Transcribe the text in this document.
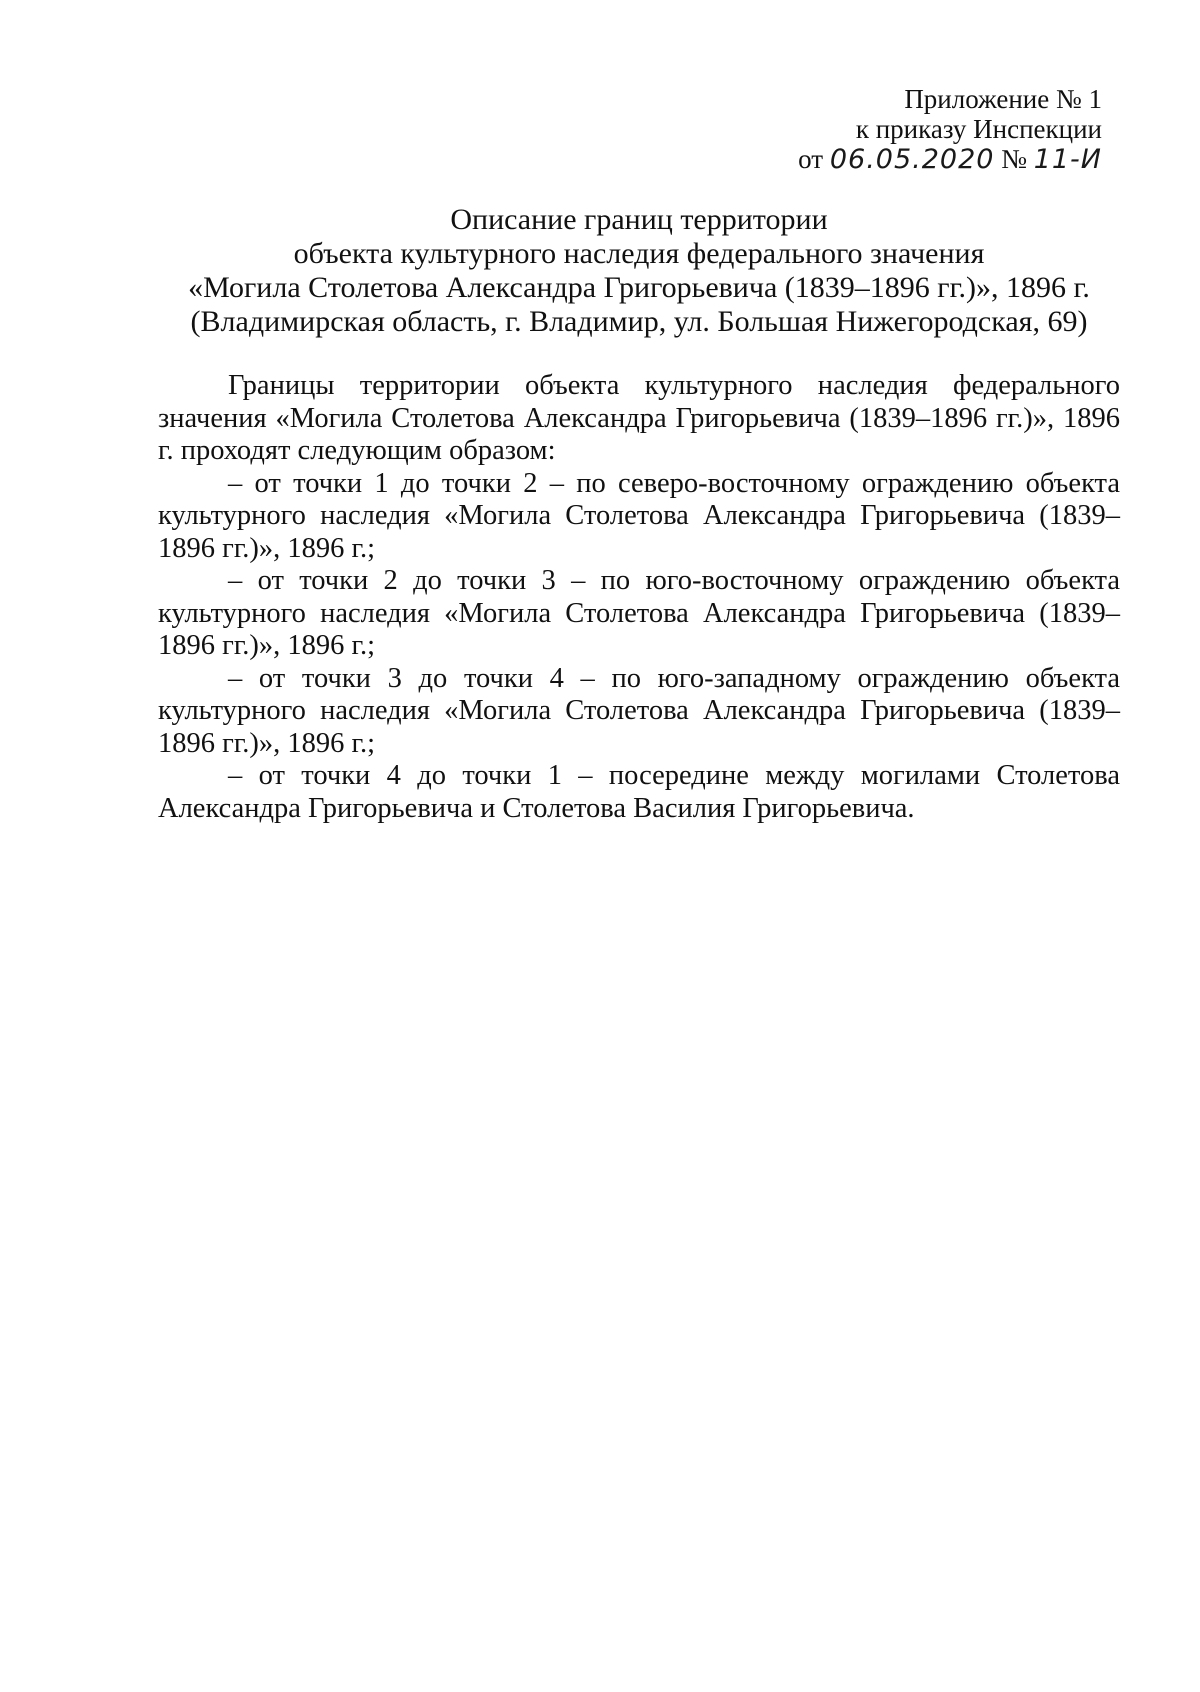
Приложение № 1
к приказу Инспекции
от 06.05.2020 № 11-И
Описание границ территории
объекта культурного наследия федерального значения
«Могила Столетова Александра Григорьевича (1839–1896 гг.)», 1896 г.
(Владимирская область, г. Владимир, ул. Большая Нижегородская, 69)

Границы территории объекта культурного наследия федерального значения «Могила Столетова Александра Григорьевича (1839–1896 гг.)», 1896 г. проходят следующим образом:

– от точки 1 до точки 2 – по северо-восточному ограждению объекта культурного наследия «Могила Столетова Александра Григорьевича (1839–1896 гг.)», 1896 г.;

– от точки 2 до точки 3 – по юго-восточному ограждению объекта культурного наследия «Могила Столетова Александра Григорьевича (1839–1896 гг.)», 1896 г.;

– от точки 3 до точки 4 – по юго-западному ограждению объекта культурного наследия «Могила Столетова Александра Григорьевича (1839–1896 гг.)», 1896 г.;

– от точки 4 до точки 1 – посередине между могилами Столетова Александра Григорьевича и Столетова Василия Григорьевича.
